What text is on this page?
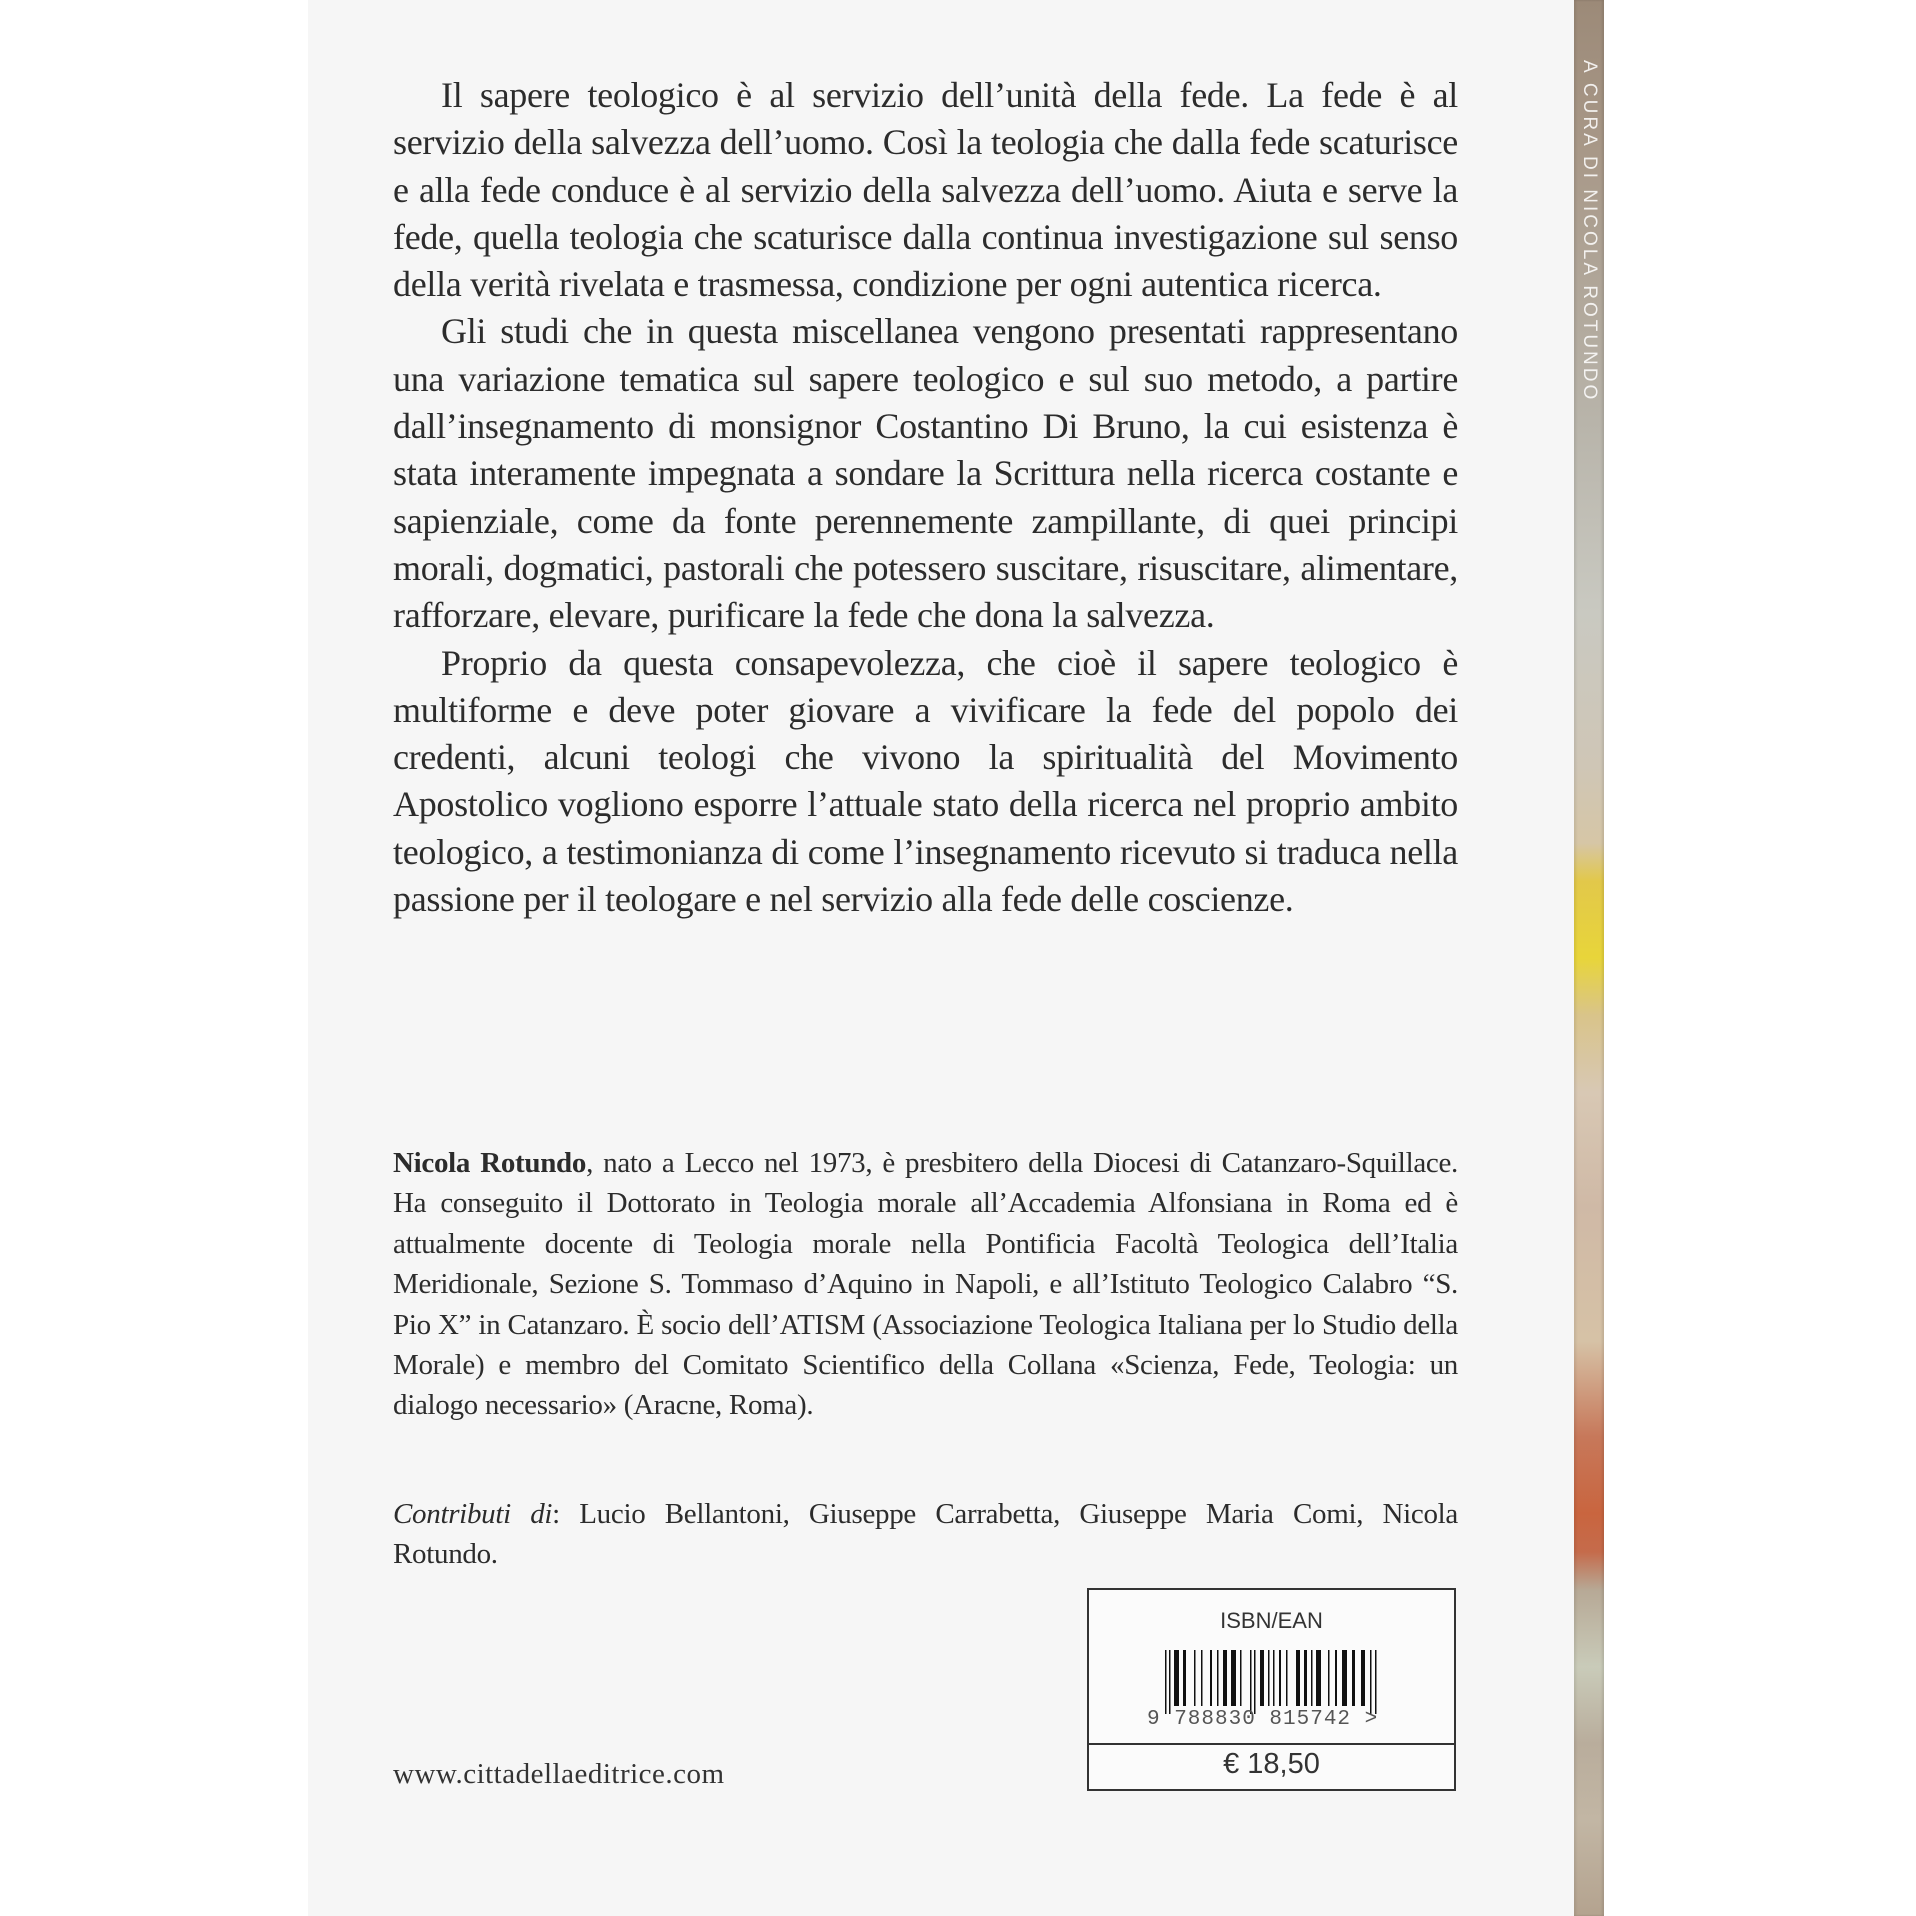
A CURA DI NICOLA ROTUNDO

Il sapere teologico è al servizio dell’unità della fede. La fede è al servizio della salvezza dell’uomo. Così la teologia che dalla fede scaturisce e alla fede conduce è al servizio della salvezza dell’uomo. Aiuta e serve la fede, quella teologia che scaturisce dalla continua investigazione sul senso della verità rivelata e trasmessa, condizione per ogni autentica ricerca.

Gli studi che in questa miscellanea vengono presentati rappresentano una variazione tematica sul sapere teologico e sul suo metodo, a partire dall’insegnamento di monsignor Costantino Di Bruno, la cui esistenza è stata interamente impegnata a sondare la Scrittura nella ricerca costante e sapienziale, come da fonte perennemente zampillante, di quei principi morali, dogmatici, pastorali che potessero suscitare, risuscitare, alimentare, rafforzare, elevare, purificare la fede che dona la salvezza.

Proprio da questa consapevolezza, che cioè il sapere teologico è multiforme e deve poter giovare a vivificare la fede del popolo dei credenti, alcuni teologi che vivono la spiritualità del Movimento Apostolico vogliono esporre l’attuale stato della ricerca nel proprio ambito teologico, a testimonianza di come l’insegnamento ricevuto si traduca nella passione per il teologare e nel servizio alla fede delle coscienze.

Nicola Rotundo, nato a Lecco nel 1973, è presbitero della Diocesi di Catanzaro-Squillace. Ha conseguito il Dottorato in Teologia morale all’Accademia Alfonsiana in Roma ed è attualmente docente di Teologia morale nella Pontificia Facoltà Teologica dell’Italia Meridionale, Sezione S. Tommaso d’Aquino in Napoli, e all’Istituto Teologico Calabro “S. Pio X” in Catanzaro. È socio dell’ATISM (Associazione Teologica Italiana per lo Studio della Morale) e membro del Comitato Scientifico della Collana «Scienza, Fede, Teologia: un dialogo necessario» (Aracne, Roma).

Contributi di: Lucio Bellantoni, Giuseppe Carrabetta, Giuseppe Maria Comi, Nicola Rotundo.
www.cittadellaeditrice.com
ISBN/EAN
9 788830 815742 >
€ 18,50
